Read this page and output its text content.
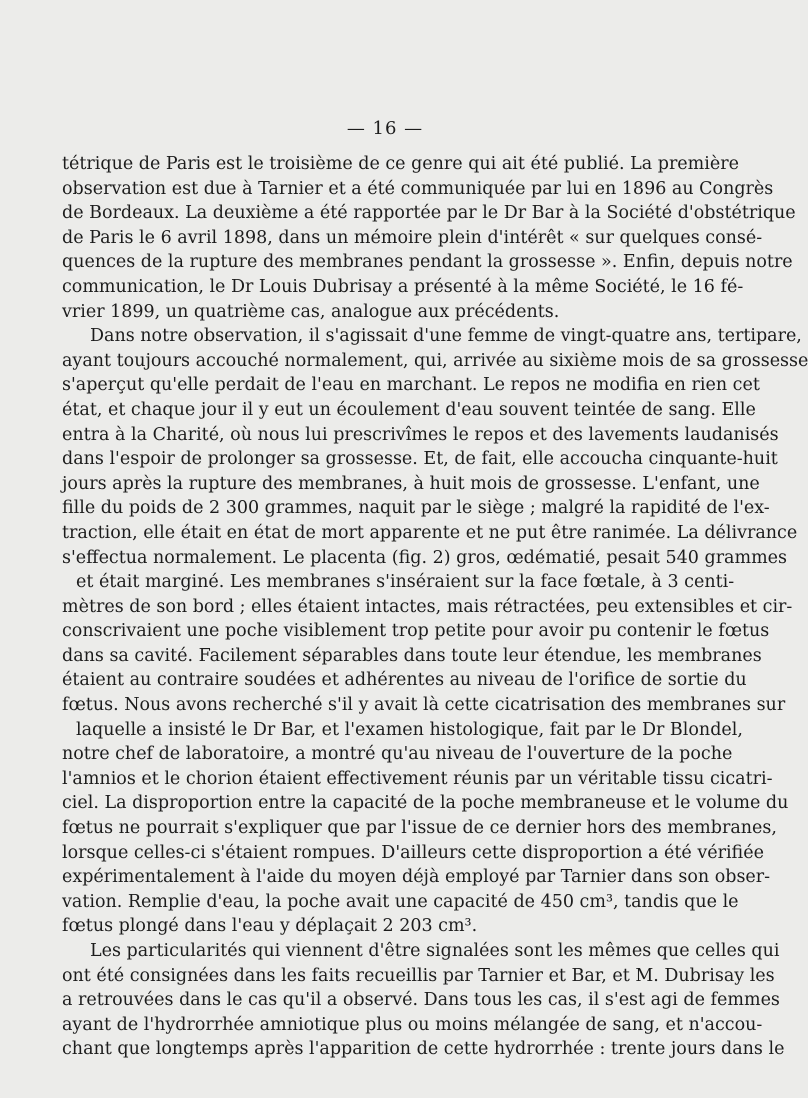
— 16 —
tétrique de Paris est le troisième de ce genre qui ait été publié. La première
observation est due à Tarnier et a été communiquée par lui en 1896 au Congrès
de Bordeaux. La deuxième a été rapportée par le Dr Bar à la Société d'obstétrique
de Paris le 6 avril 1898, dans un mémoire plein d'intérêt « sur quelques consé-
quences de la rupture des membranes pendant la grossesse ». Enfin, depuis notre
communication, le Dr Louis Dubrisay a présenté à la même Société, le 16 fé-
vrier 1899, un quatrième cas, analogue aux précédents.
Dans notre observation, il s'agissait d'une femme de vingt-quatre ans, tertipare,
ayant toujours accouché normalement, qui, arrivée au sixième mois de sa grossesse
s'aperçut qu'elle perdait de l'eau en marchant. Le repos ne modifia en rien cet
état, et chaque jour il y eut un écoulement d'eau souvent teintée de sang. Elle
entra à la Charité, où nous lui prescrivîmes le repos et des lavements laudanisés
dans l'espoir de prolonger sa grossesse. Et, de fait, elle accoucha cinquante-huit
jours après la rupture des membranes, à huit mois de grossesse. L'enfant, une
fille du poids de 2 300 grammes, naquit par le siège ; malgré la rapidité de l'ex-
traction, elle était en état de mort apparente et ne put être ranimée. La délivrance
s'effectua normalement. Le placenta (fig. 2) gros, œdématié, pesait 540 grammes
et était marginé. Les membranes s'inséraient sur la face fœtale, à 3 centi-
mètres de son bord ; elles étaient intactes, mais rétractées, peu extensibles et cir-
conscrivaient une poche visiblement trop petite pour avoir pu contenir le fœtus
dans sa cavité. Facilement séparables dans toute leur étendue, les membranes
étaient au contraire soudées et adhérentes au niveau de l'orifice de sortie du
fœtus. Nous avons recherché s'il y avait là cette cicatrisation des membranes sur
laquelle a insisté le Dr Bar, et l'examen histologique, fait par le Dr Blondel,
notre chef de laboratoire, a montré qu'au niveau de l'ouverture de la poche
l'amnios et le chorion étaient effectivement réunis par un véritable tissu cicatri-
ciel. La disproportion entre la capacité de la poche membraneuse et le volume du
fœtus ne pourrait s'expliquer que par l'issue de ce dernier hors des membranes,
lorsque celles-ci s'étaient rompues. D'ailleurs cette disproportion a été vérifiée
expérimentalement à l'aide du moyen déjà employé par Tarnier dans son obser-
vation. Remplie d'eau, la poche avait une capacité de 450 cm³, tandis que le
fœtus plongé dans l'eau y déplaçait 2 203 cm³.
Les particularités qui viennent d'être signalées sont les mêmes que celles qui
ont été consignées dans les faits recueillis par Tarnier et Bar, et M. Dubrisay les
a retrouvées dans le cas qu'il a observé. Dans tous les cas, il s'est agi de femmes
ayant de l'hydrorrhée amniotique plus ou moins mélangée de sang, et n'accou-
chant que longtemps après l'apparition de cette hydrorrhée : trente jours dans le
